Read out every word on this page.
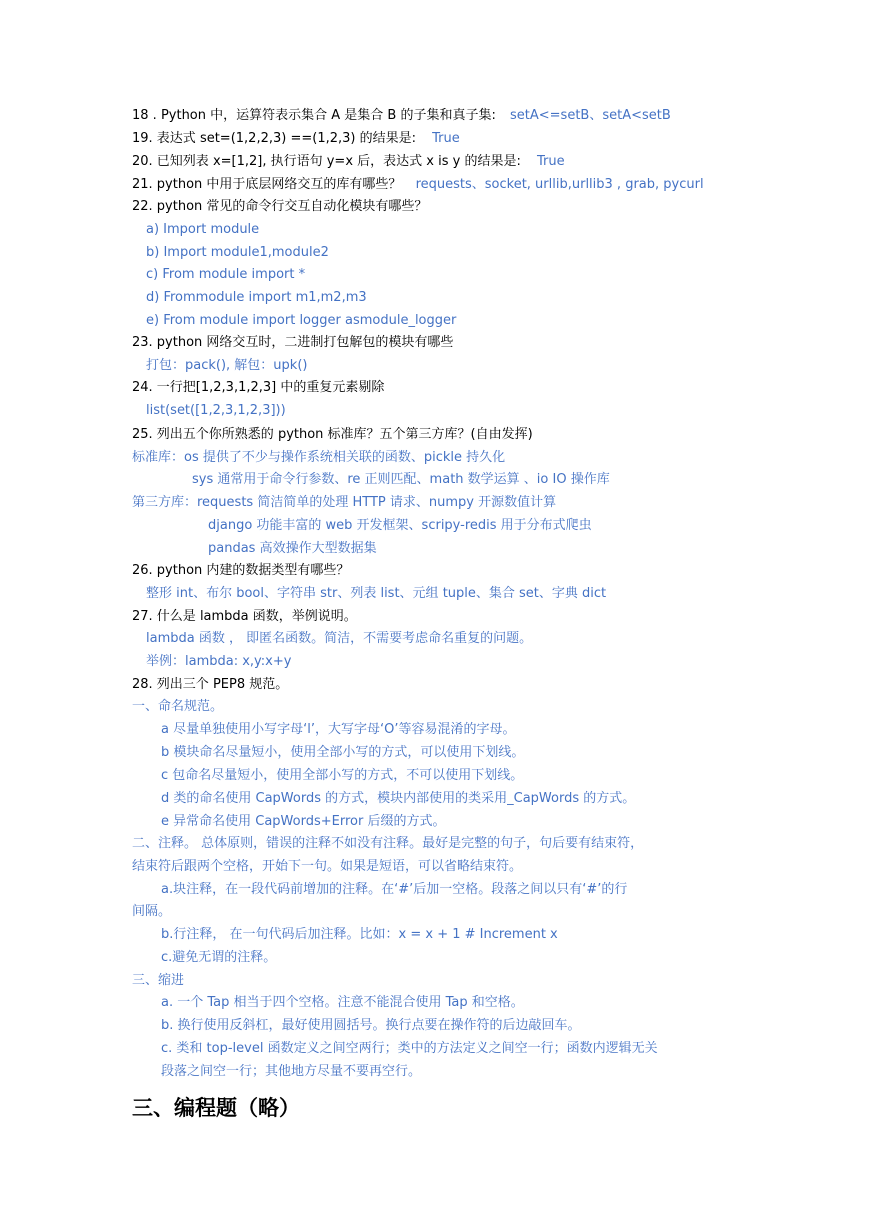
18 . Python 中，运算符表示集合 A 是集合 B 的子集和真子集: setA<=setB、setA<setB
19. 表达式 set=(1,2,2,3) ==(1,2,3) 的结果是: True
20. 已知列表 x=[1,2], 执行语句 y=x 后，表达式 x is y 的结果是: True
21. python 中用于底层网络交互的库有哪些？ requests、socket, urllib,urllib3 , grab, pycurl
22. python 常见的命令行交互自动化模块有哪些？
a) Import module
b) Import module1,module2
c) From module import *
d) Frommodule import m1,m2,m3
e) From module import logger asmodule_logger
23. python 网络交互时，二进制打包解包的模块有哪些
打包：pack(), 解包：upk()
24. 一行把[1,2,3,1,2,3] 中的重复元素剔除
list(set([1,2,3,1,2,3]))
25. 列出五个你所熟悉的 python 标准库？五个第三方库？(自由发挥)
标准库：os 提供了不少与操作系统相关联的函数、pickle 持久化
sys 通常用于命令行参数、re 正则匹配、math 数学运算 、io IO 操作库
第三方库：requests 简洁简单的处理 HTTP 请求、numpy 开源数值计算
django 功能丰富的 web 开发框架、scripy-redis 用于分布式爬虫
pandas 高效操作大型数据集
26. python 内建的数据类型有哪些？
整形 int、布尔 bool、字符串 str、列表 list、元组 tuple、集合 set、字典 dict
27. 什么是 lambda 函数，举例说明。
lambda 函数 ， 即匿名函数。简洁，不需要考虑命名重复的问题。
举例：lambda: x,y:x+y
28. 列出三个 PEP8 规范。
一、命名规范。
a 尽量单独使用小写字母‘l’，大写字母‘O’等容易混淆的字母。
b 模块命名尽量短小，使用全部小写的方式，可以使用下划线。
c 包命名尽量短小，使用全部小写的方式，不可以使用下划线。
d 类的命名使用 CapWords 的方式，模块内部使用的类采用_CapWords 的方式。
e 异常命名使用 CapWords+Error 后缀的方式。
二、注释。 总体原则，错误的注释不如没有注释。最好是完整的句子，句后要有结束符，
结束符后跟两个空格，开始下一句。如果是短语，可以省略结束符。
a.块注释，在一段代码前增加的注释。在‘#’后加一空格。段落之间以只有‘#’的行
间隔。
b.行注释， 在一句代码后加注释。比如：x = x + 1 # Increment x
c.避免无谓的注释。
三、缩进
a. 一个 Tap 相当于四个空格。注意不能混合使用 Tap 和空格。
b. 换行使用反斜杠，最好使用圆括号。换行点要在操作符的后边敲回车。
c. 类和 top-level 函数定义之间空两行；类中的方法定义之间空一行；函数内逻辑无关
段落之间空一行；其他地方尽量不要再空行。
三、编程题（略）
